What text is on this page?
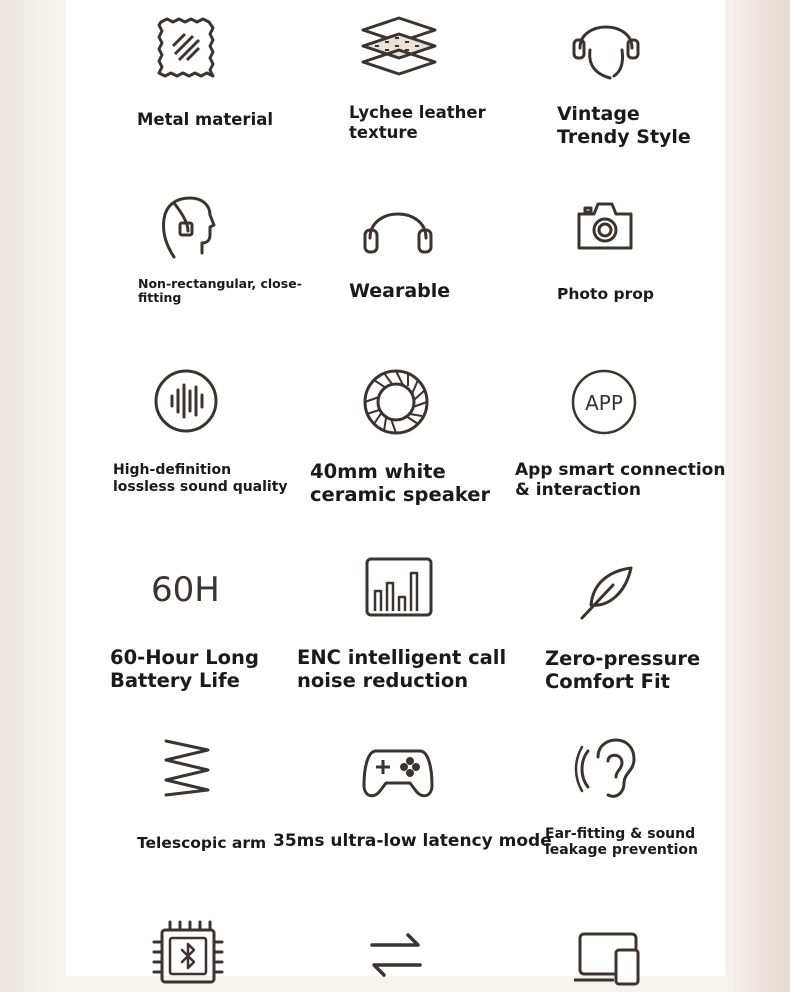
Metal material	Lychee leather
texture
Vintage
Trendy Style
Non-rectangular, close-
fitting	Wearable	Photo prop
High-definition
lossless sound quality
40mm white
ceramic speaker
APP
App smart connection
& interaction
60H
60-Hour Long
Battery Life
ENC intelligent call
noise reduction
Zero-pressure
Comfort Fit
Telescopic arm 35ms ultra-low latency mode
Ear-fitting & sound
leakage prevention
